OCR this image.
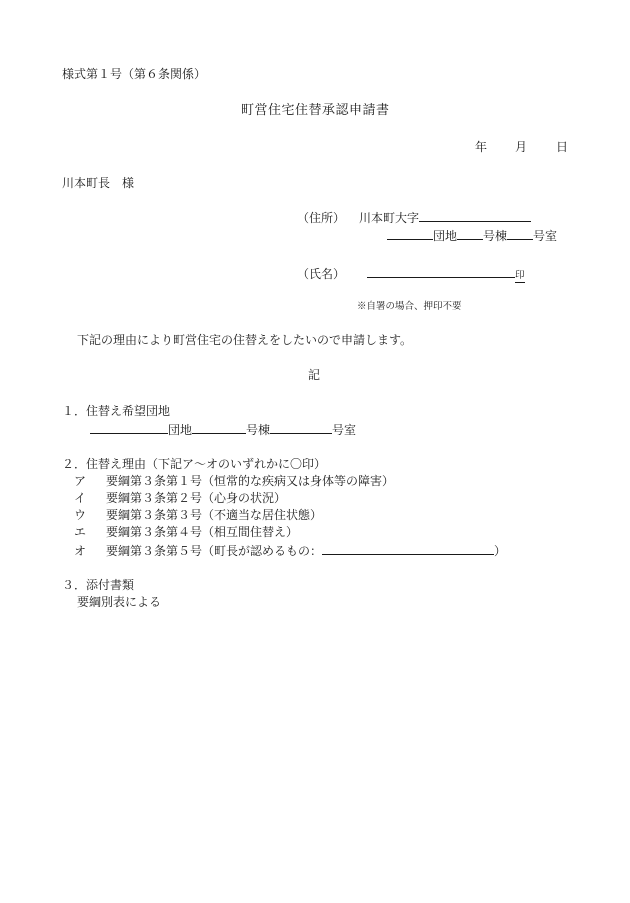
様式第１号（第６条関係）
町営住宅住替承認申請書
年 月 日
川本町長　様
（住所） 川本町大字
団地 号棟 号室
（氏名）	印
※自署の場合、押印不要
下記の理由により町営住宅の住替えをしたいので申請します。
記
１．住替え希望団地
団地	号棟	号室
２．住替え理由（下記ア～オのいずれかに〇印）
ア	要綱第３条第１号（恒常的な疾病又は身体等の障害）
イ	要綱第３条第２号（心身の状況）
ウ	要綱第３条第３号（不適当な居住状態）
エ	要綱第３条第４号（相互間住替え）
オ	要綱第３条第５号（町長が認めるもの：	）
３．添付書類
要綱別表による
